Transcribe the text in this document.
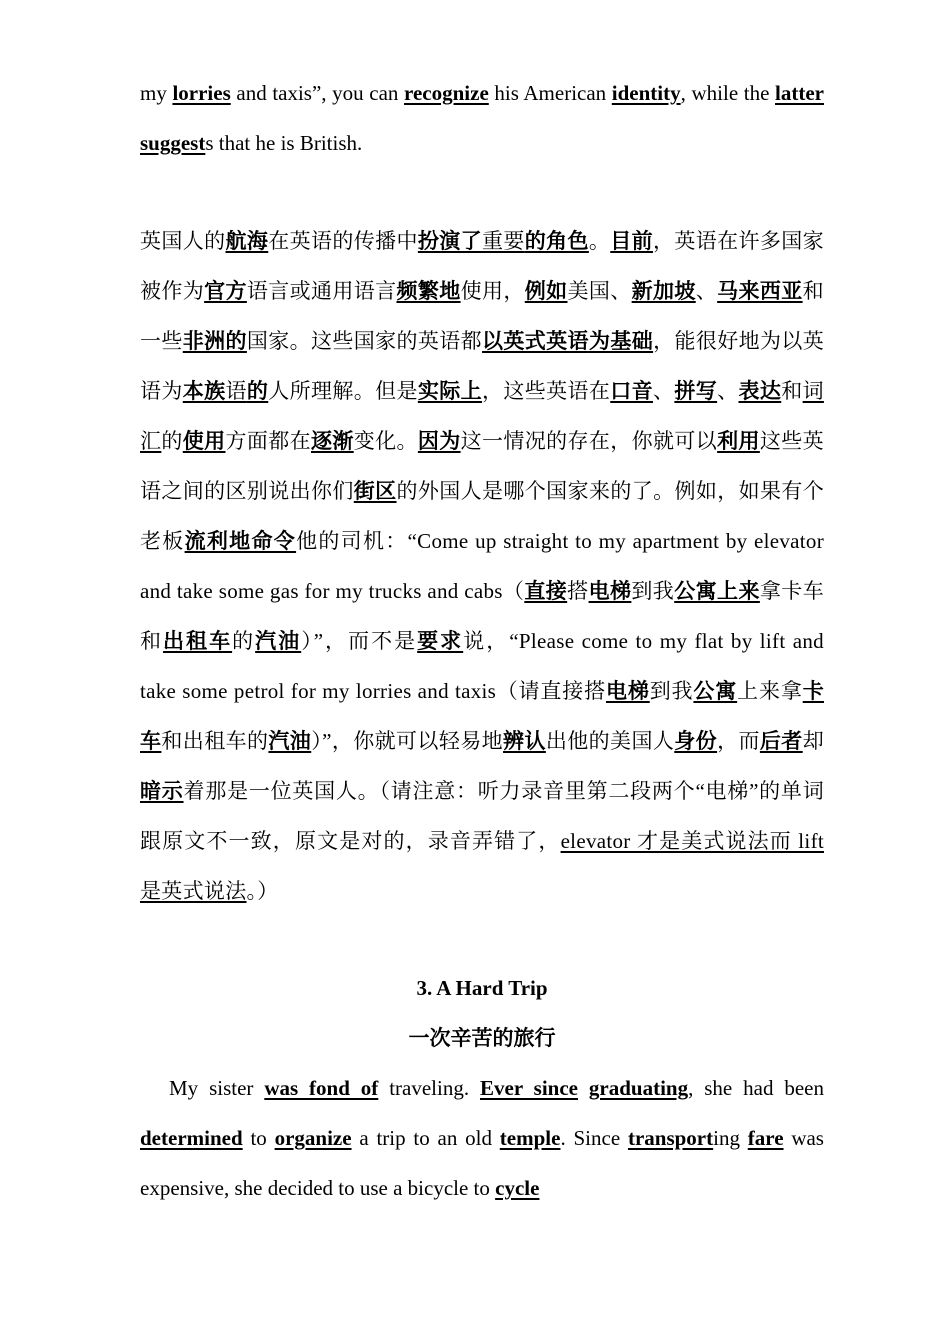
my lorries and taxis”, you can recognize his American identity, while the latter suggests that he is British.

英国人的航海在英语的传播中扮演了重要的角色。目前，英语在许多国家被作为官方语言或通用语言频繁地使用，例如美国、新加坡、马来西亚和一些非洲的国家。这些国家的英语都以英式英语为基础，能很好地为以英语为本族语的人所理解。但是实际上，这些英语在口音、拼写、表达和词汇的使用方面都在逐渐变化。因为这一情况的存在，你就可以利用这些英语之间的区别说出你们街区的外国人是哪个国家来的了。例如，如果有个老板流利地命令他的司机：“Come up straight to my apartment by elevator and take some gas for my trucks and cabs（直接搭电梯到我公寓上来拿卡车和出租车的汽油）”，而不是要求说，“Please come to my flat by lift and take some petrol for my lorries and taxis（请直接搭电梯到我公寓上来拿卡车和出租车的汽油）”，你就可以轻易地辨认出他的美国人身份，而后者却暗示着那是一位英国人。（请注意：听力录音里第二段两个“电梯”的单词跟原文不一致，原文是对的，录音弄错了，elevator 才是美式说法而 lift 是英式说法。）

3. A Hard Trip

一次辛苦的旅行

My sister was fond of traveling. Ever since graduating, she had been determined to organize a trip to an old temple. Since transporting fare was expensive, she decided to use a bicycle to cycle
